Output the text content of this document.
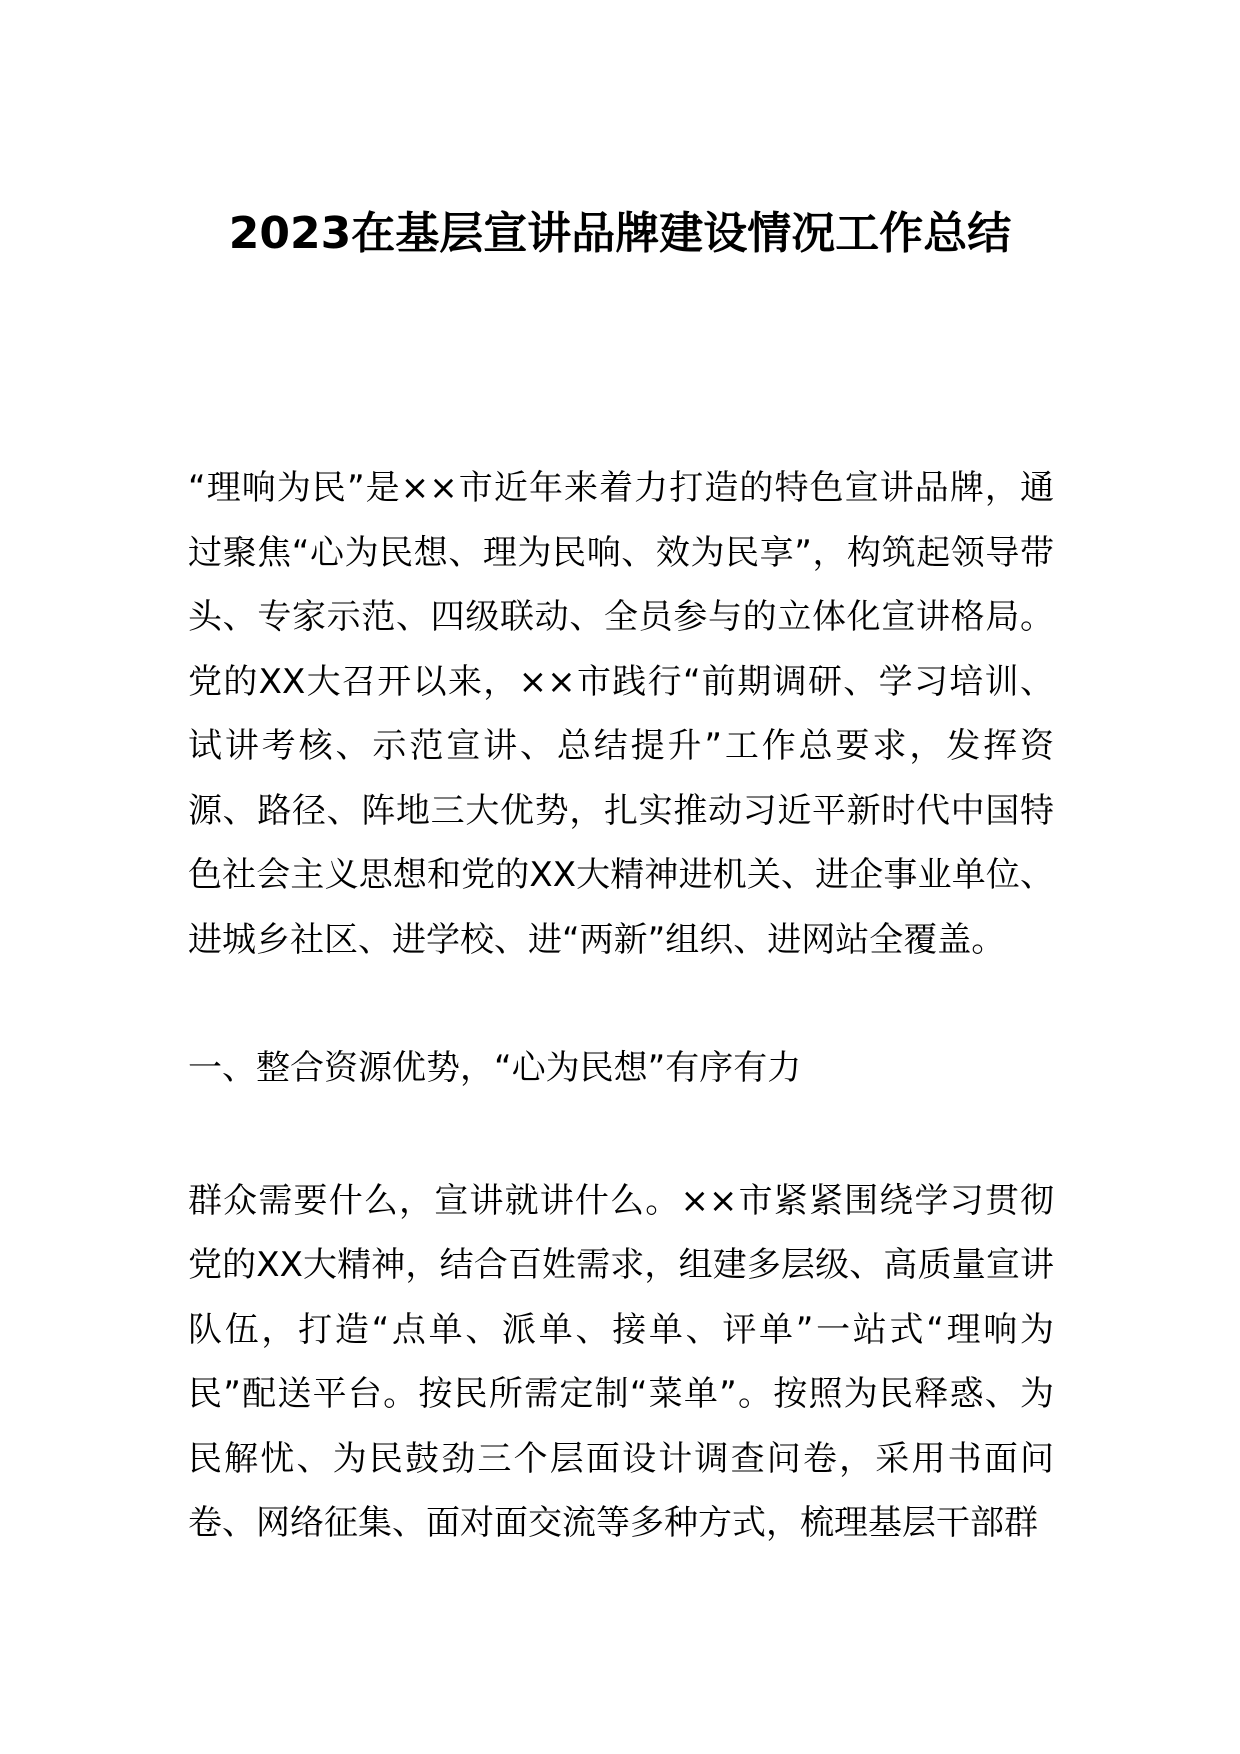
2023在基层宣讲品牌建设情况工作总结

“理响为民”是××市近年来着力打造的特色宣讲品牌，通过聚焦“心为民想、理为民响、效为民享”，构筑起领导带头、专家示范、四级联动、全员参与的立体化宣讲格局。党的XX大召开以来，××市践行“前期调研、学习培训、试讲考核、示范宣讲、总结提升”工作总要求，发挥资源、路径、阵地三大优势，扎实推动习近平新时代中国特色社会主义思想和党的XX大精神进机关、进企事业单位、进城乡社区、进学校、进“两新”组织、进网站全覆盖。

一、整合资源优势，“心为民想”有序有力

群众需要什么，宣讲就讲什么。××市紧紧围绕学习贯彻党的XX大精神，结合百姓需求，组建多层级、高质量宣讲队伍，打造“点单、派单、接单、评单”一站式“理响为民”配送平台。按民所需定制“菜单”。按照为民释惑、为民解忧、为民鼓劲三个层面设计调查问卷，采用书面问卷、网络征集、面对面交流等多种方式，梳理基层干部群
